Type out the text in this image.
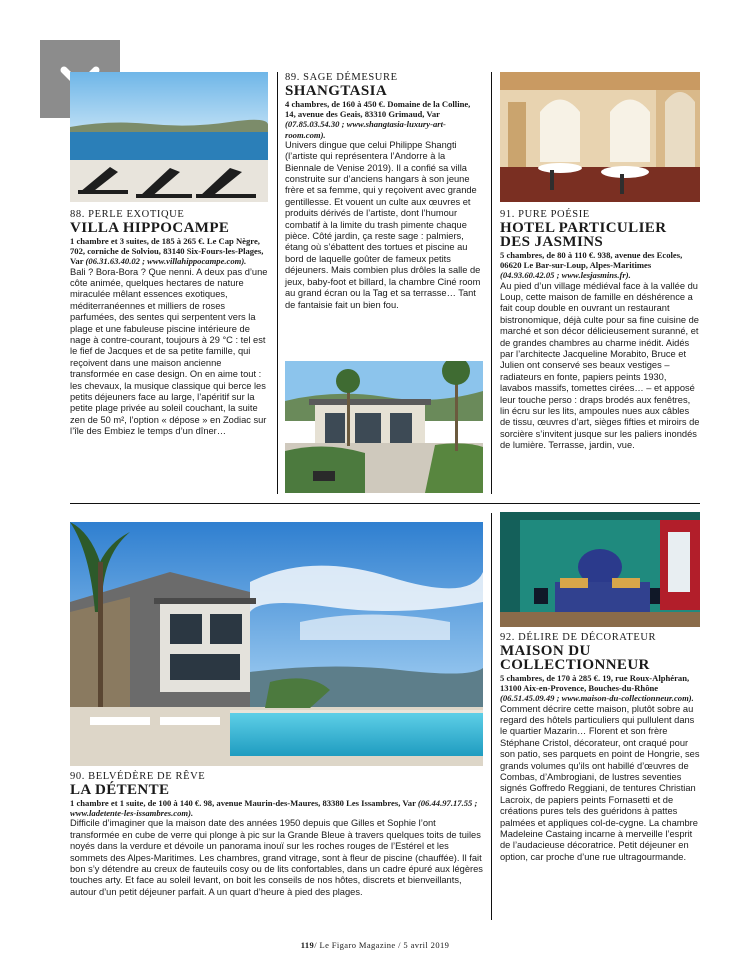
88. PERLE EXOTIQUE

VILLA HIPPOCAMPE

1 chambre et 3 suites, de 185 à 265 €. Le Cap Nègre, 702, corniche de Solviou, 83140 Six-Fours-les-Plages, Var (06.31.63.40.02 ; www.villahippocampe.com).

Bali ? Bora-Bora ? Que nenni. A deux pas d’une côte animée, quelques hectares de nature miraculée mêlant essences exotiques, méditerranéennes et milliers de roses parfumées, des sentes qui serpentent vers la plage et une fabuleuse piscine intérieure de nage à contre-courant, toujours à 29 °C : tel est le fief de Jacques et de sa petite famille, qui reçoivent dans une maison ancienne transformée en case design. On en aime tout : les chevaux, la musique classique qui berce les petits déjeuners face au large, l’apéritif sur la petite plage privée au soleil couchant, la suite zen de 50 m², l’option « dépose » en Zodiac sur l’île des Embiez le temps d’un dîner…

89. SAGE DÉMESURE

SHANGTASIA

4 chambres, de 160 à 450 €. Domaine de la Colline, 14, avenue des Geais, 83310 Grimaud, Var (07.85.03.54.30 ; www.shangtasia-luxury-art-room.com).

Univers dingue que celui Philippe Shangti (l’artiste qui représentera l’Andorre à la Biennale de Venise 2019). Il a confié sa villa construite sur d’anciens hangars à son jeune frère et sa femme, qui y reçoivent avec grande gentillesse. Et vouent un culte aux œuvres et produits dérivés de l’artiste, dont l’humour combatif à la limite du trash pimente chaque pièce. Côté jardin, ça reste sage : palmiers, étang où s’ébattent des tortues et piscine au bord de laquelle goûter de fameux petits déjeuners. Mais combien plus drôles la salle de jeux, baby-foot et billard, la chambre Ciné room au grand écran ou la Tag et sa terrasse… Tant de fantaisie fait un bien fou.

91. PURE POÉSIE

HOTEL PARTICULIER DES JASMINS

5 chambres, de 80 à 110 €. 938, avenue des Ecoles, 06620 Le Bar-sur-Loup, Alpes-Maritimes (04.93.60.42.05 ; www.lesjasmins.fr).

Au pied d’un village médiéval face à la vallée du Loup, cette maison de famille en déshérence a fait coup double en ouvrant un restaurant bistronomique, déjà culte pour sa fine cuisine de marché et son décor délicieusement suranné, et de grandes chambres au charme inédit. Aidés par l’architecte Jacqueline Morabito, Bruce et Julien ont conservé ses beaux vestiges – radiateurs en fonte, papiers peints 1930, lavabos massifs, tomettes cirées… – et apposé leur touche perso : draps brodés aux fenêtres, lin écru sur les lits, ampoules nues aux câbles de tissu, œuvres d’art, sièges fifties et miroirs de sorcière s’invitent jusque sur les paliers inondés de lumière. Terrasse, jardin, vue.

92. DÉLIRE DE DÉCORATEUR

MAISON DU COLLECTIONNEUR

5 chambres, de 170 à 285 €. 19, rue Roux-Alphéran, 13100 Aix-en-Provence, Bouches-du-Rhône (06.51.45.09.49 ; www.maison-du-collectionneur.com).

Comment décrire cette maison, plutôt sobre au regard des hôtels particuliers qui pullulent dans le quartier Mazarin… Florent et son frère Stéphane Cristol, décorateur, ont craqué pour son patio, ses parquets en point de Hongrie, ses grands volumes qu’ils ont habillé d’œuvres de Combas, d’Ambrogiani, de lustres seventies signés Goffredo Reggiani, de tentures Christian Lacroix, de papiers peints Fornasetti et de créations pures tels des guéridons à pattes palmées et appliques col-de-cygne. La chambre Madeleine Castaing incarne à merveille l’esprit de l’audacieuse décoratrice. Petit déjeuner en option, car proche d’une rue ultragourmande.

90. BELVÉDÈRE DE RÊVE

LA DÉTENTE

1 chambre et 1 suite, de 100 à 140 €. 98, avenue Maurin-des-Maures, 83380 Les Issambres, Var (06.44.97.17.55 ; www.ladetente-les-issambres.com).

Difficile d’imaginer que la maison date des années 1950 depuis que Gilles et Sophie l’ont transformée en cube de verre qui plonge à pic sur la Grande Bleue à travers quelques toits de tuiles noyés dans la verdure et dévoile un panorama inouï sur les roches rouges de l’Estérel et les sommets des Alpes-Maritimes. Les chambres, grand vitrage, sont à fleur de piscine (chauffée). Il fait bon s’y détendre au creux de fauteuils cosy ou de lits confortables, dans un cadre épuré aux légères touches arty. Et face au soleil levant, on boit les conseils de nos hôtes, discrets et bienveillants, autour d’un petit déjeuner parfait. A un quart d’heure à pied des plages.

119/ Le Figaro Magazine / 5 avril 2019
